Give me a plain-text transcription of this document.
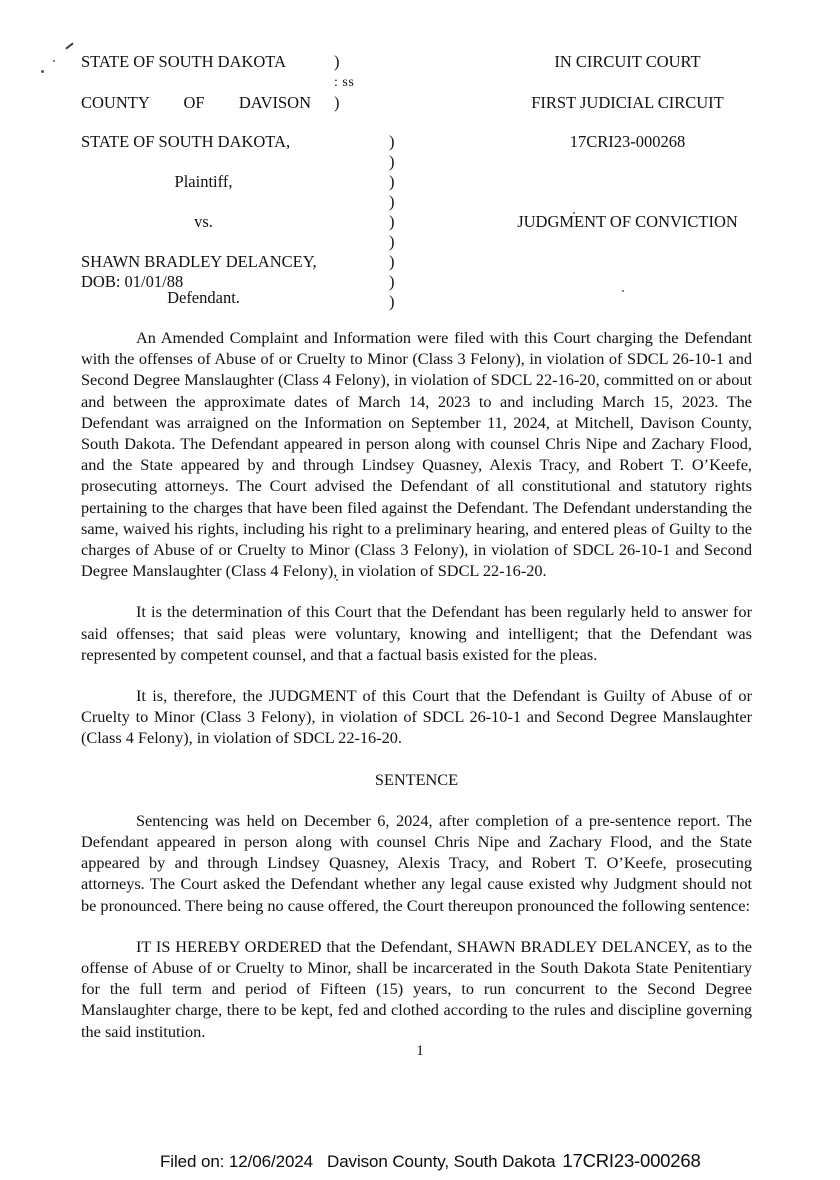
STATE OF SOUTH DAKOTA	)
: ss
COUNTY OF DAVISON )
IN CIRCUIT COURT
FIRST JUDICIAL CIRCUIT
17CRI23-000268
STATE OF SOUTH DAKOTA,
Plaintiff,
vs.
SHAWN BRADLEY DELANCEY,
DOB: 01/01/88
Defendant.
)
)
)
)
)
)
)
)
)
JUDGMENT OF CONVICTION

An Amended Complaint and Information were filed with this Court charging the Defendant with the offenses of Abuse of or Cruelty to Minor (Class 3 Felony), in violation of SDCL 26-10-1 and Second Degree Manslaughter (Class 4 Felony), in violation of SDCL 22-16-20, committed on or about and between the approximate dates of March 14, 2023 to and including March 15, 2023. The Defendant was arraigned on the Information on September 11, 2024, at Mitchell, Davison County, South Dakota. The Defendant appeared in person along with counsel Chris Nipe and Zachary Flood, and the State appeared by and through Lindsey Quasney, Alexis Tracy, and Robert T. O’Keefe, prosecuting attorneys. The Court advised the Defendant of all constitutional and statutory rights pertaining to the charges that have been filed against the Defendant. The Defendant understanding the same, waived his rights, including his right to a preliminary hearing, and entered pleas of Guilty to the charges of Abuse of or Cruelty to Minor (Class 3 Felony), in violation of SDCL 26-10-1 and Second Degree Manslaughter (Class 4 Felony), in violation of SDCL 22-16-20.

It is the determination of this Court that the Defendant has been regularly held to answer for said offenses; that said pleas were voluntary, knowing and intelligent; that the Defendant was represented by competent counsel, and that a factual basis existed for the pleas.

It is, therefore, the JUDGMENT of this Court that the Defendant is Guilty of Abuse of or Cruelty to Minor (Class 3 Felony), in violation of SDCL 26-10-1 and Second Degree Manslaughter (Class 4 Felony), in violation of SDCL 22-16-20.

SENTENCE

Sentencing was held on December 6, 2024, after completion of a pre-sentence report. The Defendant appeared in person along with counsel Chris Nipe and Zachary Flood, and the State appeared by and through Lindsey Quasney, Alexis Tracy, and Robert T. O’Keefe, prosecuting attorneys. The Court asked the Defendant whether any legal cause existed why Judgment should not be pronounced. There being no cause offered, the Court thereupon pronounced the following sentence:

IT IS HEREBY ORDERED that the Defendant, SHAWN BRADLEY DELANCEY, as to the offense of Abuse of or Cruelty to Minor, shall be incarcerated in the South Dakota State Penitentiary for the full term and period of Fifteen (15) years, to run concurrent to the Second Degree Manslaughter charge, there to be kept, fed and clothed according to the rules and discipline governing the said institution.

1
Filed on: 12/06/2024 Davison County, South Dakota 17CRI23-000268
